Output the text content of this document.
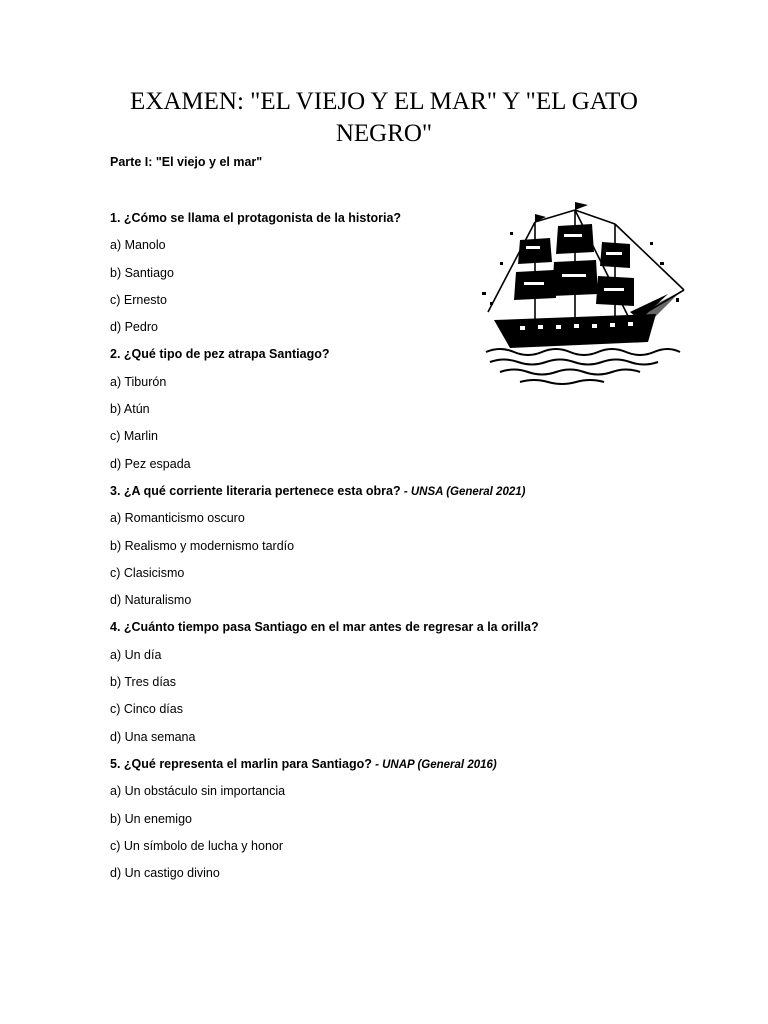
EXAMEN: "EL VIEJO Y EL MAR" Y "EL GATO NEGRO"
Parte I: "El viejo y el mar"
1. ¿Cómo se llama el protagonista de la historia?
a) Manolo
b) Santiago
c) Ernesto
d) Pedro
2. ¿Qué tipo de pez atrapa Santiago?
a) Tiburón
b) Atún
c) Marlin
d) Pez espada
3. ¿A qué corriente literaria pertenece esta obra? - UNSA (General 2021)
a) Romanticismo oscuro
b) Realismo y modernismo tardío
c) Clasicismo
d) Naturalismo
4. ¿Cuánto tiempo pasa Santiago en el mar antes de regresar a la orilla?
a) Un día
b) Tres días
c) Cinco días
d) Una semana
5. ¿Qué representa el marlin para Santiago? - UNAP (General 2016)
a) Un obstáculo sin importancia
b) Un enemigo
c) Un símbolo de lucha y honor
d) Un castigo divino
